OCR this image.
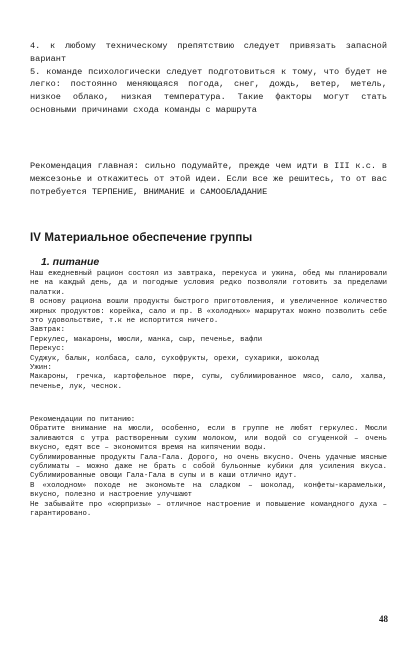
4. к любому техническому препятствию следует привязать запасной вариант
5. команде психологически следует подготовиться к тому, что будет не легко: постоянно меняющаяся погода, снег, дождь, ветер, метель, низкое облако, низкая температура. Такие факторы могут стать основными причинами схода команды с маршрута

Рекомендация главная: сильно подумайте, прежде чем идти в III к.с. в межсезонье и откажитесь от этой идеи. Если все же решитесь, то от вас потребуется ТЕРПЕНИЕ, ВНИМАНИЕ и САМООБЛАДАНИЕ

IV Материальное обеспечение группы
1. питание
Наш ежедневный рацион состоял из завтрака, перекуса и ужина, обед мы планировали не на каждый день, да и погодные условия редко позволяли готовить за пределами палатки.
В основу рациона вошли продукты быстрого приготовления, и увеличенное количество жирных продуктов: корейка, сало и пр. В «холодных» маршрутах можно позволить себе это удовольствие, т.к не испортится ничего.
Завтрак:
Геркулес, макароны, мюсли, манка, сыр, печенье, вафли
Перекус:
Суджук, балык, колбаса, сало, сухофрукты, орехи, сухарики, шоколад
Ужин:
Макароны, гречка, картофельное пюре, супы, сублимированное мясо, сало, халва, печенье, лук, чеснок.
Рекомендации по питанию:
Обратите внимание на мюсли, особенно, если в группе не любят геркулес. Мюсли заливаются с утра растворенным сухим молоком, или водой со сгущенкой – очень вкусно, едят все – экономится время на кипячении воды.
Сублимированные продукты Гала-Гала. Дорого, но очень вкусно. Очень удачные мясные сублиматы – можно даже не брать с собой бульонные кубики для усиления вкуса. Сублимированные овощи Гала-Гала в супы и в каши отлично идут.
В «холодном» походе не экономьте на сладком – шоколад, конфеты-карамельки, вкусно, полезно и настроение улучшают
Не забывайте про «сюрпризы» – отличное настроение и повышение командного духа – гарантировано.
48
